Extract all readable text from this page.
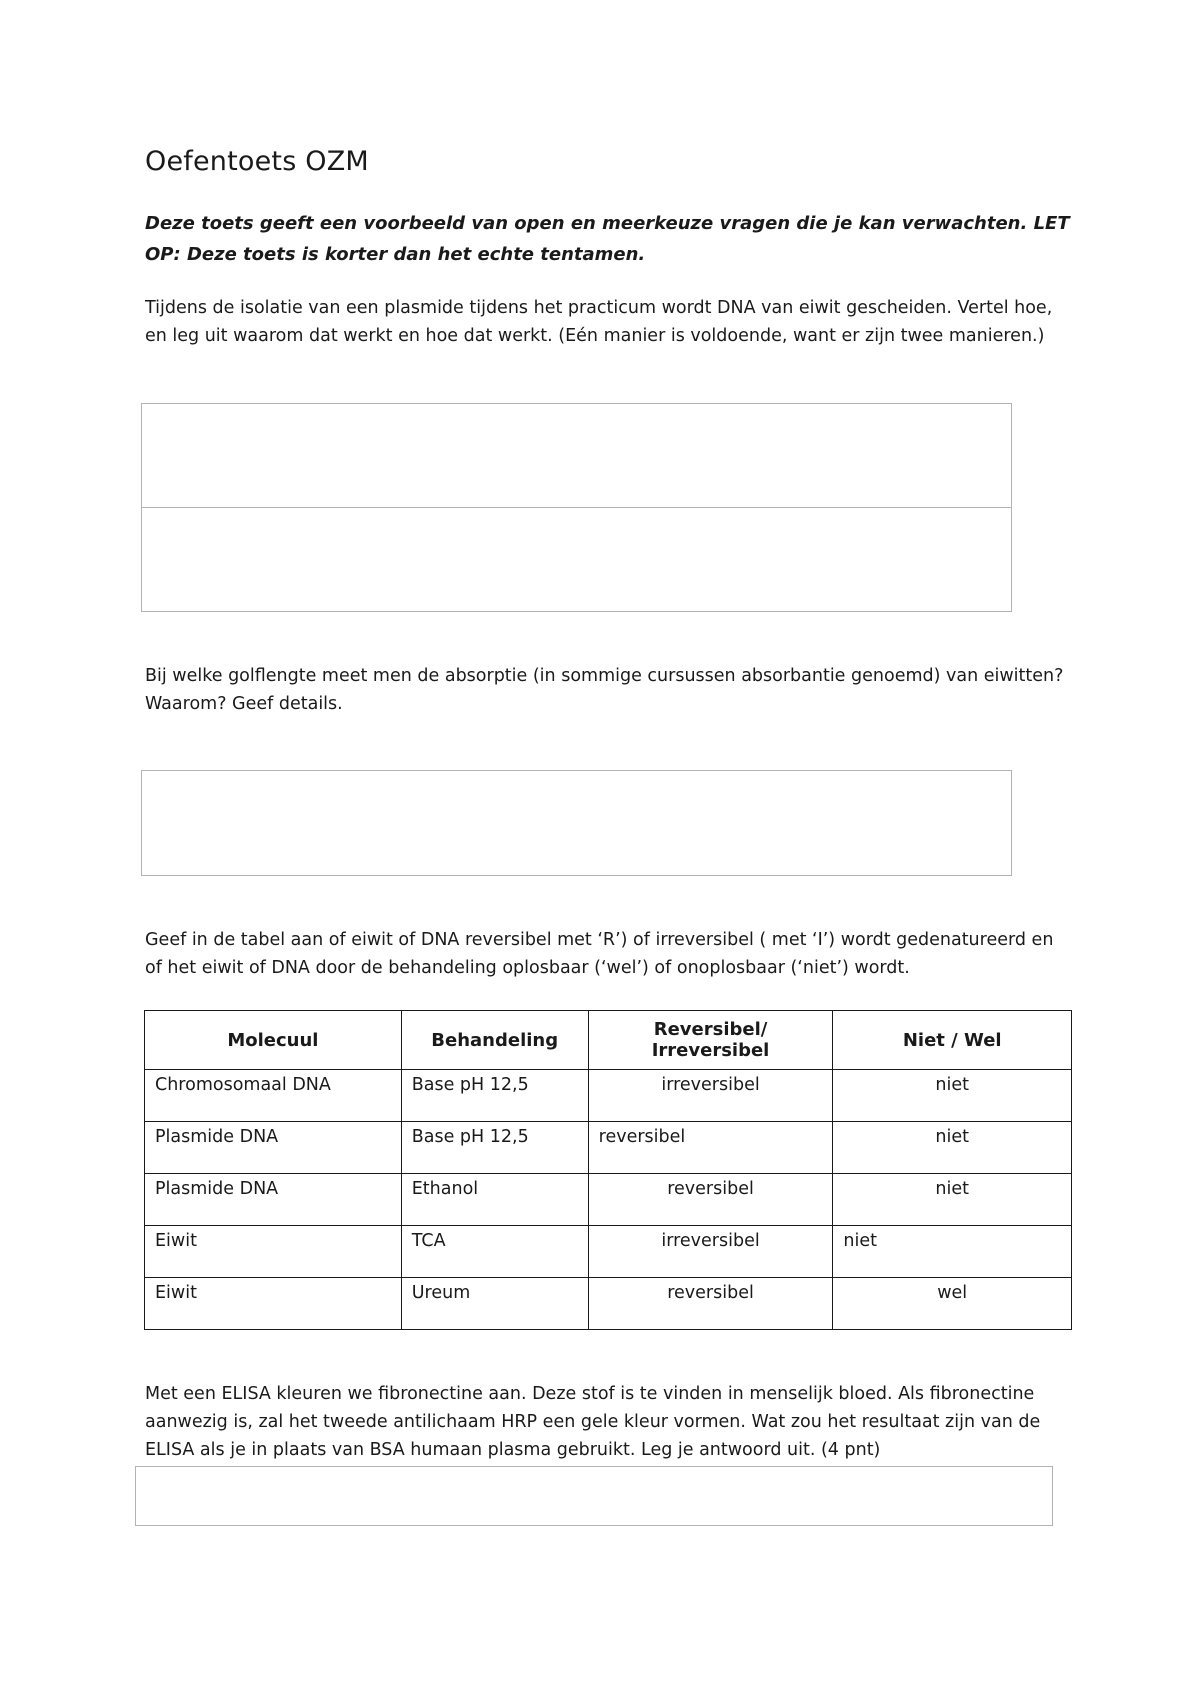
Oefentoets OZM

Deze toets geeft een voorbeeld van open en meerkeuze vragen die je kan verwachten. LET OP: Deze toets is korter dan het echte tentamen.

Tijdens de isolatie van een plasmide tijdens het practicum wordt DNA van eiwit gescheiden. Vertel hoe, en leg uit waarom dat werkt en hoe dat werkt. (Eén manier is voldoende, want er zijn twee manieren.)

Bij welke golflengte meet men de absorptie (in sommige cursussen absorbantie genoemd) van eiwitten? Waarom? Geef details.

Geef in de tabel aan of eiwit of DNA reversibel met ‘R’) of irreversibel ( met ‘I’) wordt gedenatureerd en of het eiwit of DNA door de behandeling oplosbaar (‘wel’) of onoplosbaar (‘niet’) wordt.

Molecuul	Behandeling	Reversibel/ Irreversibel	Niet / Wel
Chromosomaal DNA	Base pH 12,5	irreversibel	niet
Plasmide DNA	Base pH 12,5	reversibel	niet
Plasmide DNA	Ethanol	reversibel	niet
Eiwit	TCA	irreversibel	niet
Eiwit	Ureum	reversibel	wel

Met een ELISA kleuren we fibronectine aan. Deze stof is te vinden in menselijk bloed. Als fibronectine aanwezig is, zal het tweede antilichaam HRP een gele kleur vormen. Wat zou het resultaat zijn van de ELISA als je in plaats van BSA humaan plasma gebruikt. Leg je antwoord uit. (4 pnt)
